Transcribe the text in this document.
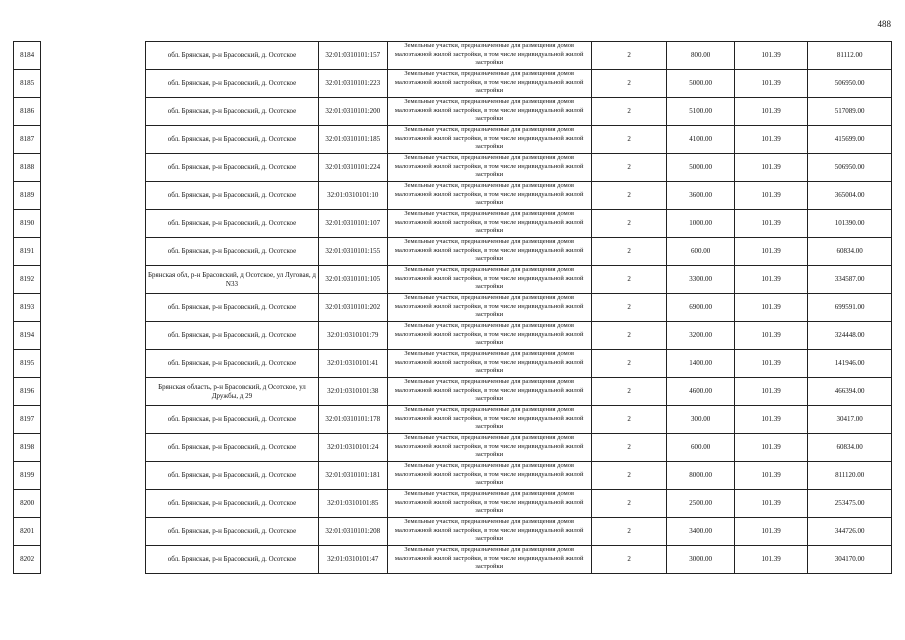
488
8184		обл. Брянская, р-н Брасовский, д. Осотское	32:01:0310101:157	Земельные участки, предназначенные для размещения домов малоэтажной жилой застройки, в том числе индивидуальной жилой застройки	2	800.00	101.39	81112.00
8185		обл. Брянская, р-н Брасовский, д. Осотское	32:01:0310101:223	Земельные участки, предназначенные для размещения домов малоэтажной жилой застройки, в том числе индивидуальной жилой застройки	2	5000.00	101.39	506950.00
8186		обл. Брянская, р-н Брасовский, д. Осотское	32:01:0310101:200	Земельные участки, предназначенные для размещения домов малоэтажной жилой застройки, в том числе индивидуальной жилой застройки	2	5100.00	101.39	517089.00
8187		обл. Брянская, р-н Брасовский, д. Осотское	32:01:0310101:185	Земельные участки, предназначенные для размещения домов малоэтажной жилой застройки, в том числе индивидуальной жилой застройки	2	4100.00	101.39	415699.00
8188		обл. Брянская, р-н Брасовский, д. Осотское	32:01:0310101:224	Земельные участки, предназначенные для размещения домов малоэтажной жилой застройки, в том числе индивидуальной жилой застройки	2	5000.00	101.39	506950.00
8189		обл. Брянская, р-н Брасовский, д. Осотское	32:01:0310101:10	Земельные участки, предназначенные для размещения домов малоэтажной жилой застройки, в том числе индивидуальной жилой застройки	2	3600.00	101.39	365004.00
8190		обл. Брянская, р-н Брасовский, д. Осотское	32:01:0310101:107	Земельные участки, предназначенные для размещения домов малоэтажной жилой застройки, в том числе индивидуальной жилой застройки	2	1000.00	101.39	101390.00
8191		обл. Брянская, р-н Брасовский, д. Осотское	32:01:0310101:155	Земельные участки, предназначенные для размещения домов малоэтажной жилой застройки, в том числе индивидуальной жилой застройки	2	600.00	101.39	60834.00
8192		Брянская обл, р-н Брасовский, д Осотское, ул Луговая, д N33	32:01:0310101:105	Земельные участки, предназначенные для размещения домов малоэтажной жилой застройки, в том числе индивидуальной жилой застройки	2	3300.00	101.39	334587.00
8193		обл. Брянская, р-н Брасовский, д. Осотское	32:01:0310101:202	Земельные участки, предназначенные для размещения домов малоэтажной жилой застройки, в том числе индивидуальной жилой застройки	2	6900.00	101.39	699591.00
8194		обл. Брянская, р-н Брасовский, д. Осотское	32:01:0310101:79	Земельные участки, предназначенные для размещения домов малоэтажной жилой застройки, в том числе индивидуальной жилой застройки	2	3200.00	101.39	324448.00
8195		обл. Брянская, р-н Брасовский, д. Осотское	32:01:0310101:41	Земельные участки, предназначенные для размещения домов малоэтажной жилой застройки, в том числе индивидуальной жилой застройки	2	1400.00	101.39	141946.00
8196		Брянская область, р-н Брасовский, д Осотское, ул Дружбы, д 29	32:01:0310101:38	Земельные участки, предназначенные для размещения домов малоэтажной жилой застройки, в том числе индивидуальной жилой застройки	2	4600.00	101.39	466394.00
8197		обл. Брянская, р-н Брасовский, д. Осотское	32:01:0310101:178	Земельные участки, предназначенные для размещения домов малоэтажной жилой застройки, в том числе индивидуальной жилой застройки	2	300.00	101.39	30417.00
8198		обл. Брянская, р-н Брасовский, д. Осотское	32:01:0310101:24	Земельные участки, предназначенные для размещения домов малоэтажной жилой застройки, в том числе индивидуальной жилой застройки	2	600.00	101.39	60834.00
8199		обл. Брянская, р-н Брасовский, д. Осотское	32:01:0310101:181	Земельные участки, предназначенные для размещения домов малоэтажной жилой застройки, в том числе индивидуальной жилой застройки	2	8000.00	101.39	811120.00
8200		обл. Брянская, р-н Брасовский, д. Осотское	32:01:0310101:85	Земельные участки, предназначенные для размещения домов малоэтажной жилой застройки, в том числе индивидуальной жилой застройки	2	2500.00	101.39	253475.00
8201		обл. Брянская, р-н Брасовский, д. Осотское	32:01:0310101:208	Земельные участки, предназначенные для размещения домов малоэтажной жилой застройки, в том числе индивидуальной жилой застройки	2	3400.00	101.39	344726.00
8202		обл. Брянская, р-н Брасовский, д. Осотское	32:01:0310101:47	Земельные участки, предназначенные для размещения домов малоэтажной жилой застройки, в том числе индивидуальной жилой застройки	2	3000.00	101.39	304170.00
